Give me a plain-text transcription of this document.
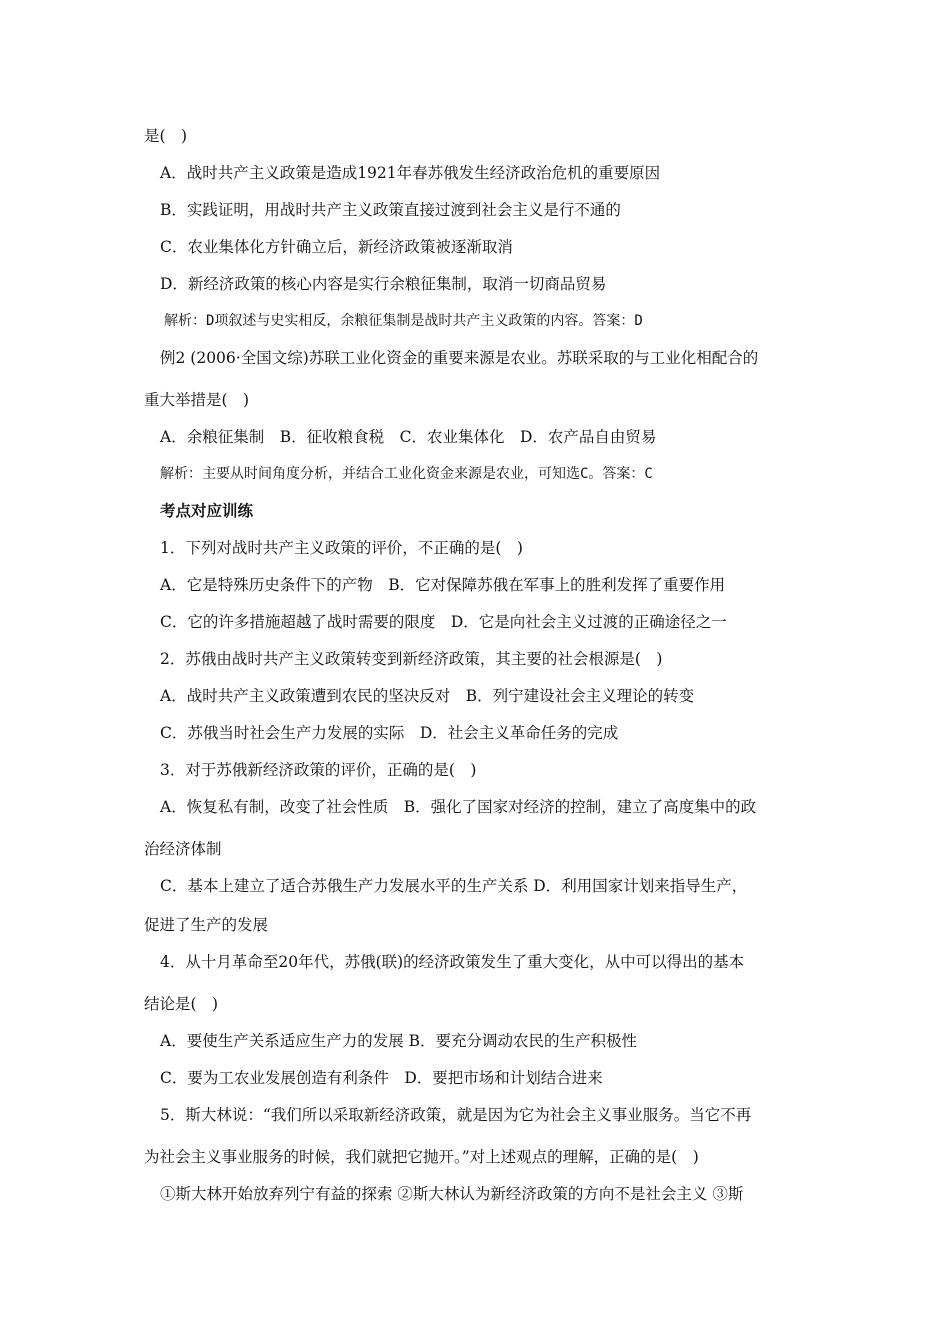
是(　)
A．战时共产主义政策是造成1921年春苏俄发生经济政治危机的重要原因
B．实践证明，用战时共产主义政策直接过渡到社会主义是行不通的
C．农业集体化方针确立后，新经济政策被逐渐取消
D．新经济政策的核心内容是实行余粮征集制，取消一切商品贸易
解析：D项叙述与史实相反，余粮征集制是战时共产主义政策的内容。答案：D
例2 (2006·全国文综)苏联工业化资金的重要来源是农业。苏联采取的与工业化相配合的
重大举措是(　)
A．余粮征集制　B．征收粮食税　C．农业集体化　D．农产品自由贸易
解析：主要从时间角度分析，并结合工业化资金来源是农业，可知选C。答案：C
考点对应训练
1．下列对战时共产主义政策的评价，不正确的是(　)
A．它是特殊历史条件下的产物　B．它对保障苏俄在军事上的胜利发挥了重要作用
C．它的许多措施超越了战时需要的限度　D．它是向社会主义过渡的正确途径之一
2．苏俄由战时共产主义政策转变到新经济政策，其主要的社会根源是(　)
A．战时共产主义政策遭到农民的坚决反对　B．列宁建设社会主义理论的转变
C．苏俄当时社会生产力发展的实际　D．社会主义革命任务的完成
3．对于苏俄新经济政策的评价，正确的是(　)
A．恢复私有制，改变了社会性质　B．强化了国家对经济的控制，建立了高度集中的政
治经济体制
C．基本上建立了适合苏俄生产力发展水平的生产关系 D．利用国家计划来指导生产，
促进了生产的发展
4．从十月革命至20年代，苏俄(联)的经济政策发生了重大变化，从中可以得出的基本
结论是(　)
A．要使生产关系适应生产力的发展 B．要充分调动农民的生产积极性
C．要为工农业发展创造有利条件　D．要把市场和计划结合进来
5．斯大林说：“我们所以采取新经济政策，就是因为它为社会主义事业服务。当它不再
为社会主义事业服务的时候，我们就把它抛开。”对上述观点的理解，正确的是(　)
①斯大林开始放弃列宁有益的探索 ②斯大林认为新经济政策的方向不是社会主义 ③斯
